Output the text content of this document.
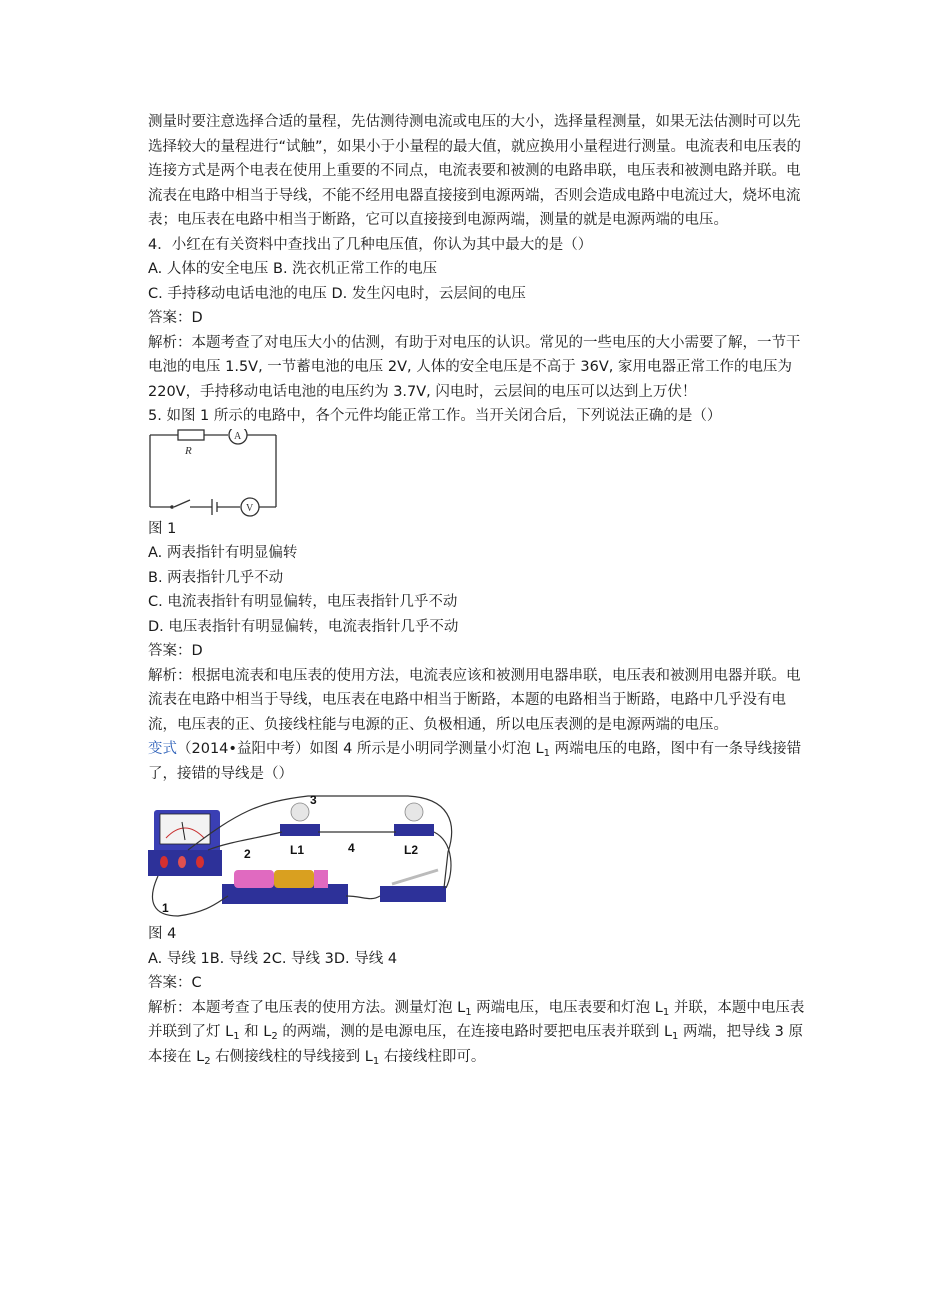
测量时要注意选择合适的量程，先估测待测电流或电压的大小，选择量程测量，如果无法估测时可以先选择较大的量程进行“试触”，如果小于小量程的最大值，就应换用小量程进行测量。电流表和电压表的连接方式是两个电表在使用上重要的不同点，电流表要和被测的电路串联，电压表和被测电路并联。电流表在电路中相当于导线，不能不经用电器直接接到电源两端，否则会造成电路中电流过大，烧坏电流表；电压表在电路中相当于断路，它可以直接接到电源两端，测量的就是电源两端的电压。

4．小红在有关资料中查找出了几种电压值，你认为其中最大的是（）

A. 人体的安全电压 B. 洗衣机正常工作的电压

C. 手持移动电话电池的电压 D. 发生闪电时，云层间的电压

答案：D

解析：本题考查了对电压大小的估测，有助于对电压的认识。常见的一些电压的大小需要了解，一节干电池的电压 1.5V, 一节蓄电池的电压 2V, 人体的安全电压是不高于 36V, 家用电器正常工作的电压为 220V，手持移动电话电池的电压约为 3.7V, 闪电时，云层间的电压可以达到上万伏！

5. 如图 1 所示的电路中，各个元件均能正常工作。当开关闭合后，下列说法正确的是（）

R
A
V

图 1

A. 两表指针有明显偏转

B. 两表指针几乎不动

C. 电流表指针有明显偏转，电压表指针几乎不动

D. 电压表指针有明显偏转，电流表指针几乎不动

答案：D

解析：根据电流表和电压表的使用方法，电流表应该和被测用电器串联，电压表和被测用电器并联。电流表在电路中相当于导线，电压表在电路中相当于断路，本题的电路相当于断路，电路中几乎没有电流，电压表的正、负接线柱能与电源的正、负极相通，所以电压表测的是电源两端的电压。

变式（2014•益阳中考）如图 4 所示是小明同学测量小灯泡 $L_1$ 两端电压的电路，图中有一条导线接错了，接错的导线是（）

1
2
3
4
L1	L2

图 4

A. 导线 1B. 导线 2C. 导线 3D. 导线 4

答案：C

解析：本题考查了电压表的使用方法。测量灯泡 $L_1$ 两端电压，电压表要和灯泡 $L_1$ 并联，本题中电压表并联到了灯 $L_1$ 和 $L_2$ 的两端，测的是电源电压，在连接电路时要把电压表并联到 $L_1$ 两端，把导线 3 原本接在 $L_2$ 右侧接线柱的导线接到 $L_1$ 右接线柱即可。
